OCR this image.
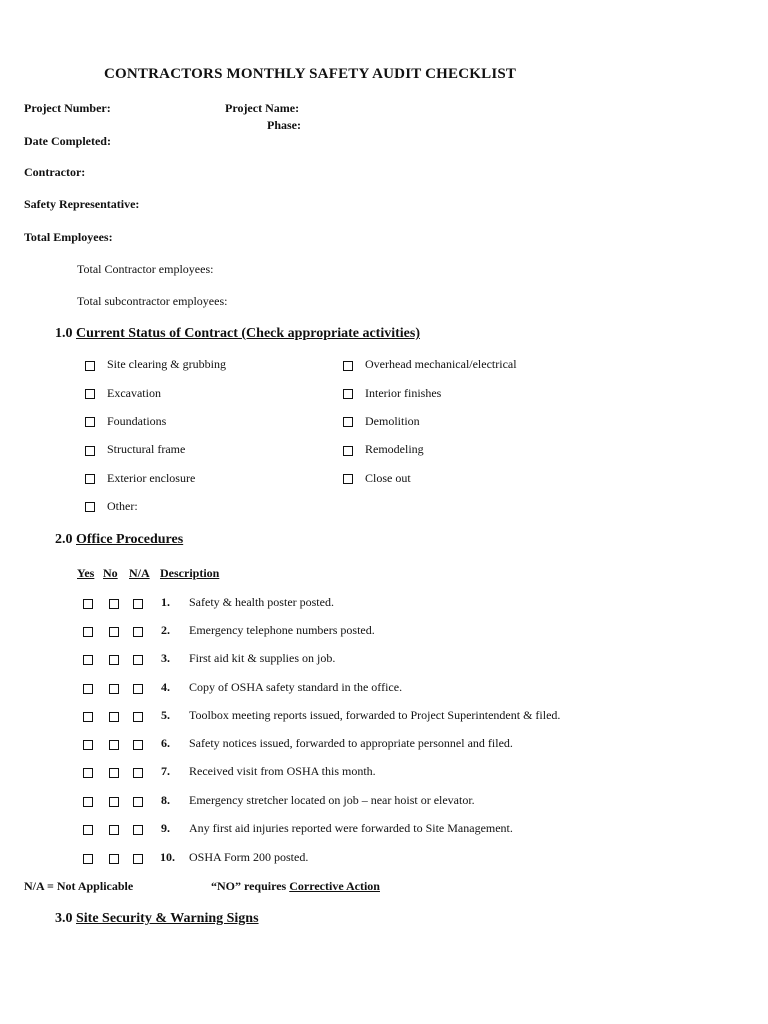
CONTRACTORS MONTHLY SAFETY AUDIT CHECKLIST
Project Number:	Project Name:
Phase:
Date Completed:
Contractor:
Safety Representative:
Total Employees:
Total Contractor employees:
Total subcontractor employees:
1.0 Current Status of Contract (Check appropriate activities)
Site clearing & grubbing
Excavation
Foundations
Structural frame
Exterior enclosure
Other:
Overhead mechanical/electrical
Interior finishes
Demolition
Remodeling
Close out
2.0 Office Procedures
Yes No N/A Description
1. Safety & health poster posted.
2. Emergency telephone numbers posted.
3. First aid kit & supplies on job.
4. Copy of OSHA safety standard in the office.
5. Toolbox meeting reports issued, forwarded to Project Superintendent & filed.
6. Safety notices issued, forwarded to appropriate personnel and filed.
7. Received visit from OSHA this month.
8. Emergency stretcher located on job – near hoist or elevator.
9. Any first aid injuries reported were forwarded to Site Management.
10. OSHA Form 200 posted.
N/A = Not Applicable	“NO” requires Corrective Action
3.0 Site Security & Warning Signs
